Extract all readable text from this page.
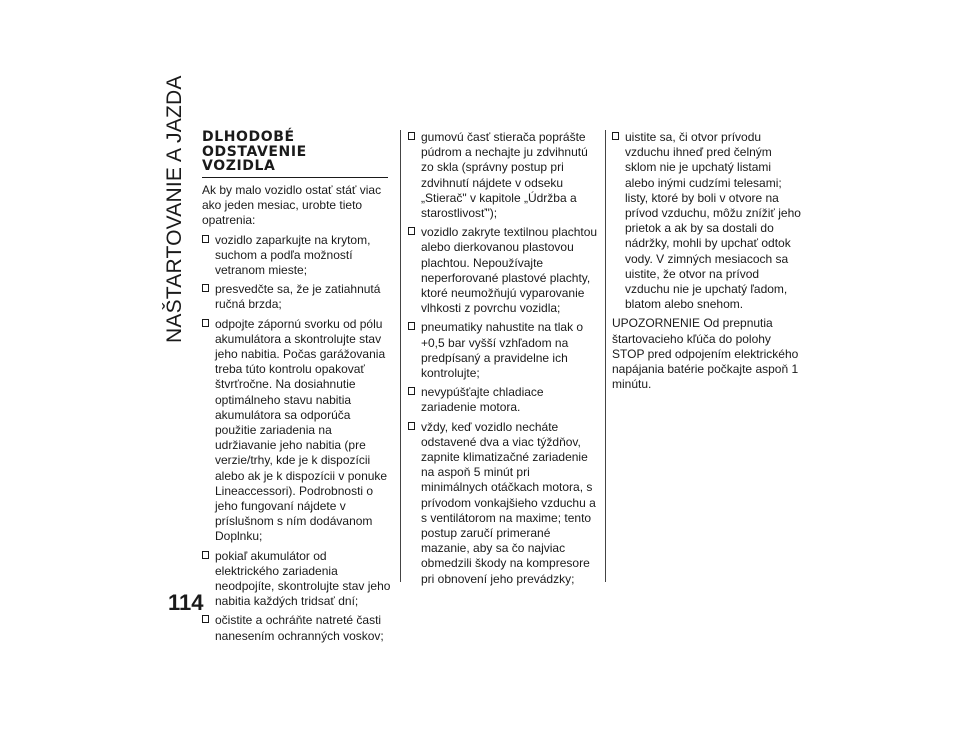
NAŠTARTOVANIE A JAZDA
114
DLHODOBÉ
ODSTAVENIE
VOZIDLA

Ak by malo vozidlo ostať stáť viac ako jeden mesiac, urobte tieto opatrenia:

vozidlo zaparkujte na krytom, suchom a podľa možností vetranom mieste;
presvedčte sa, že je zatiahnutá ručná brzda;
odpojte zápornú svorku od pólu akumulátora a skontrolujte stav jeho nabitia. Počas garážovania treba túto kontrolu opakovať štvrťročne. Na dosiahnutie optimálneho stavu nabitia akumulátora sa odporúča použitie zariadenia na udržiavanie jeho nabitia (pre verzie/trhy, kde je k dispozícii alebo ak je k dispozícii v ponuke Lineaccessori). Podrobnosti o jeho fungovaní nájdete v príslušnom s ním dodávanom Doplnku;
pokiaľ akumulátor od elektrického zariadenia neodpojíte, skontrolujte stav jeho nabitia každých tridsať dní;
očistite a ochráňte natreté časti nanesením ochranných voskov;
gumovú časť stierača poprášte púdrom a nechajte ju zdvihnutú zo skla (správny postup pri zdvihnutí nájdete v odseku „Stierač" v kapitole „Údržba a starostlivosť");
vozidlo zakryte textilnou plachtou alebo dierkovanou plastovou plachtou. Nepoužívajte neperforované plastové plachty, ktoré neumožňujú vyparovanie vlhkosti z povrchu vozidla;
pneumatiky nahustite na tlak o +0,5 bar vyšší vzhľadom na predpísaný a pravidelne ich kontrolujte;
nevypúšťajte chladiace zariadenie motora.
vždy, keď vozidlo necháte odstavené dva a viac týždňov, zapnite klimatizačné zariadenie na aspoň 5 minút pri minimálnych otáčkach motora, s prívodom vonkajšieho vzduchu a s ventilátorom na maxime; tento postup zaručí primerané mazanie, aby sa čo najviac obmedzili škody na kompresore pri obnovení jeho prevádzky;
uistite sa, či otvor prívodu vzduchu ihneď pred čelným sklom nie je upchatý listami alebo inými cudzími telesami; listy, ktoré by boli v otvore na prívod vzduchu, môžu znížiť jeho prietok a ak by sa dostali do nádržky, mohli by upchať odtok vody. V zimných mesiacoch sa uistite, že otvor na prívod vzduchu nie je upchatý ľadom, blatom alebo snehom.

UPOZORNENIE Od prepnutia štartovacieho kľúča do polohy STOP pred odpojením elektrického napájania batérie počkajte aspoň 1 minútu.
